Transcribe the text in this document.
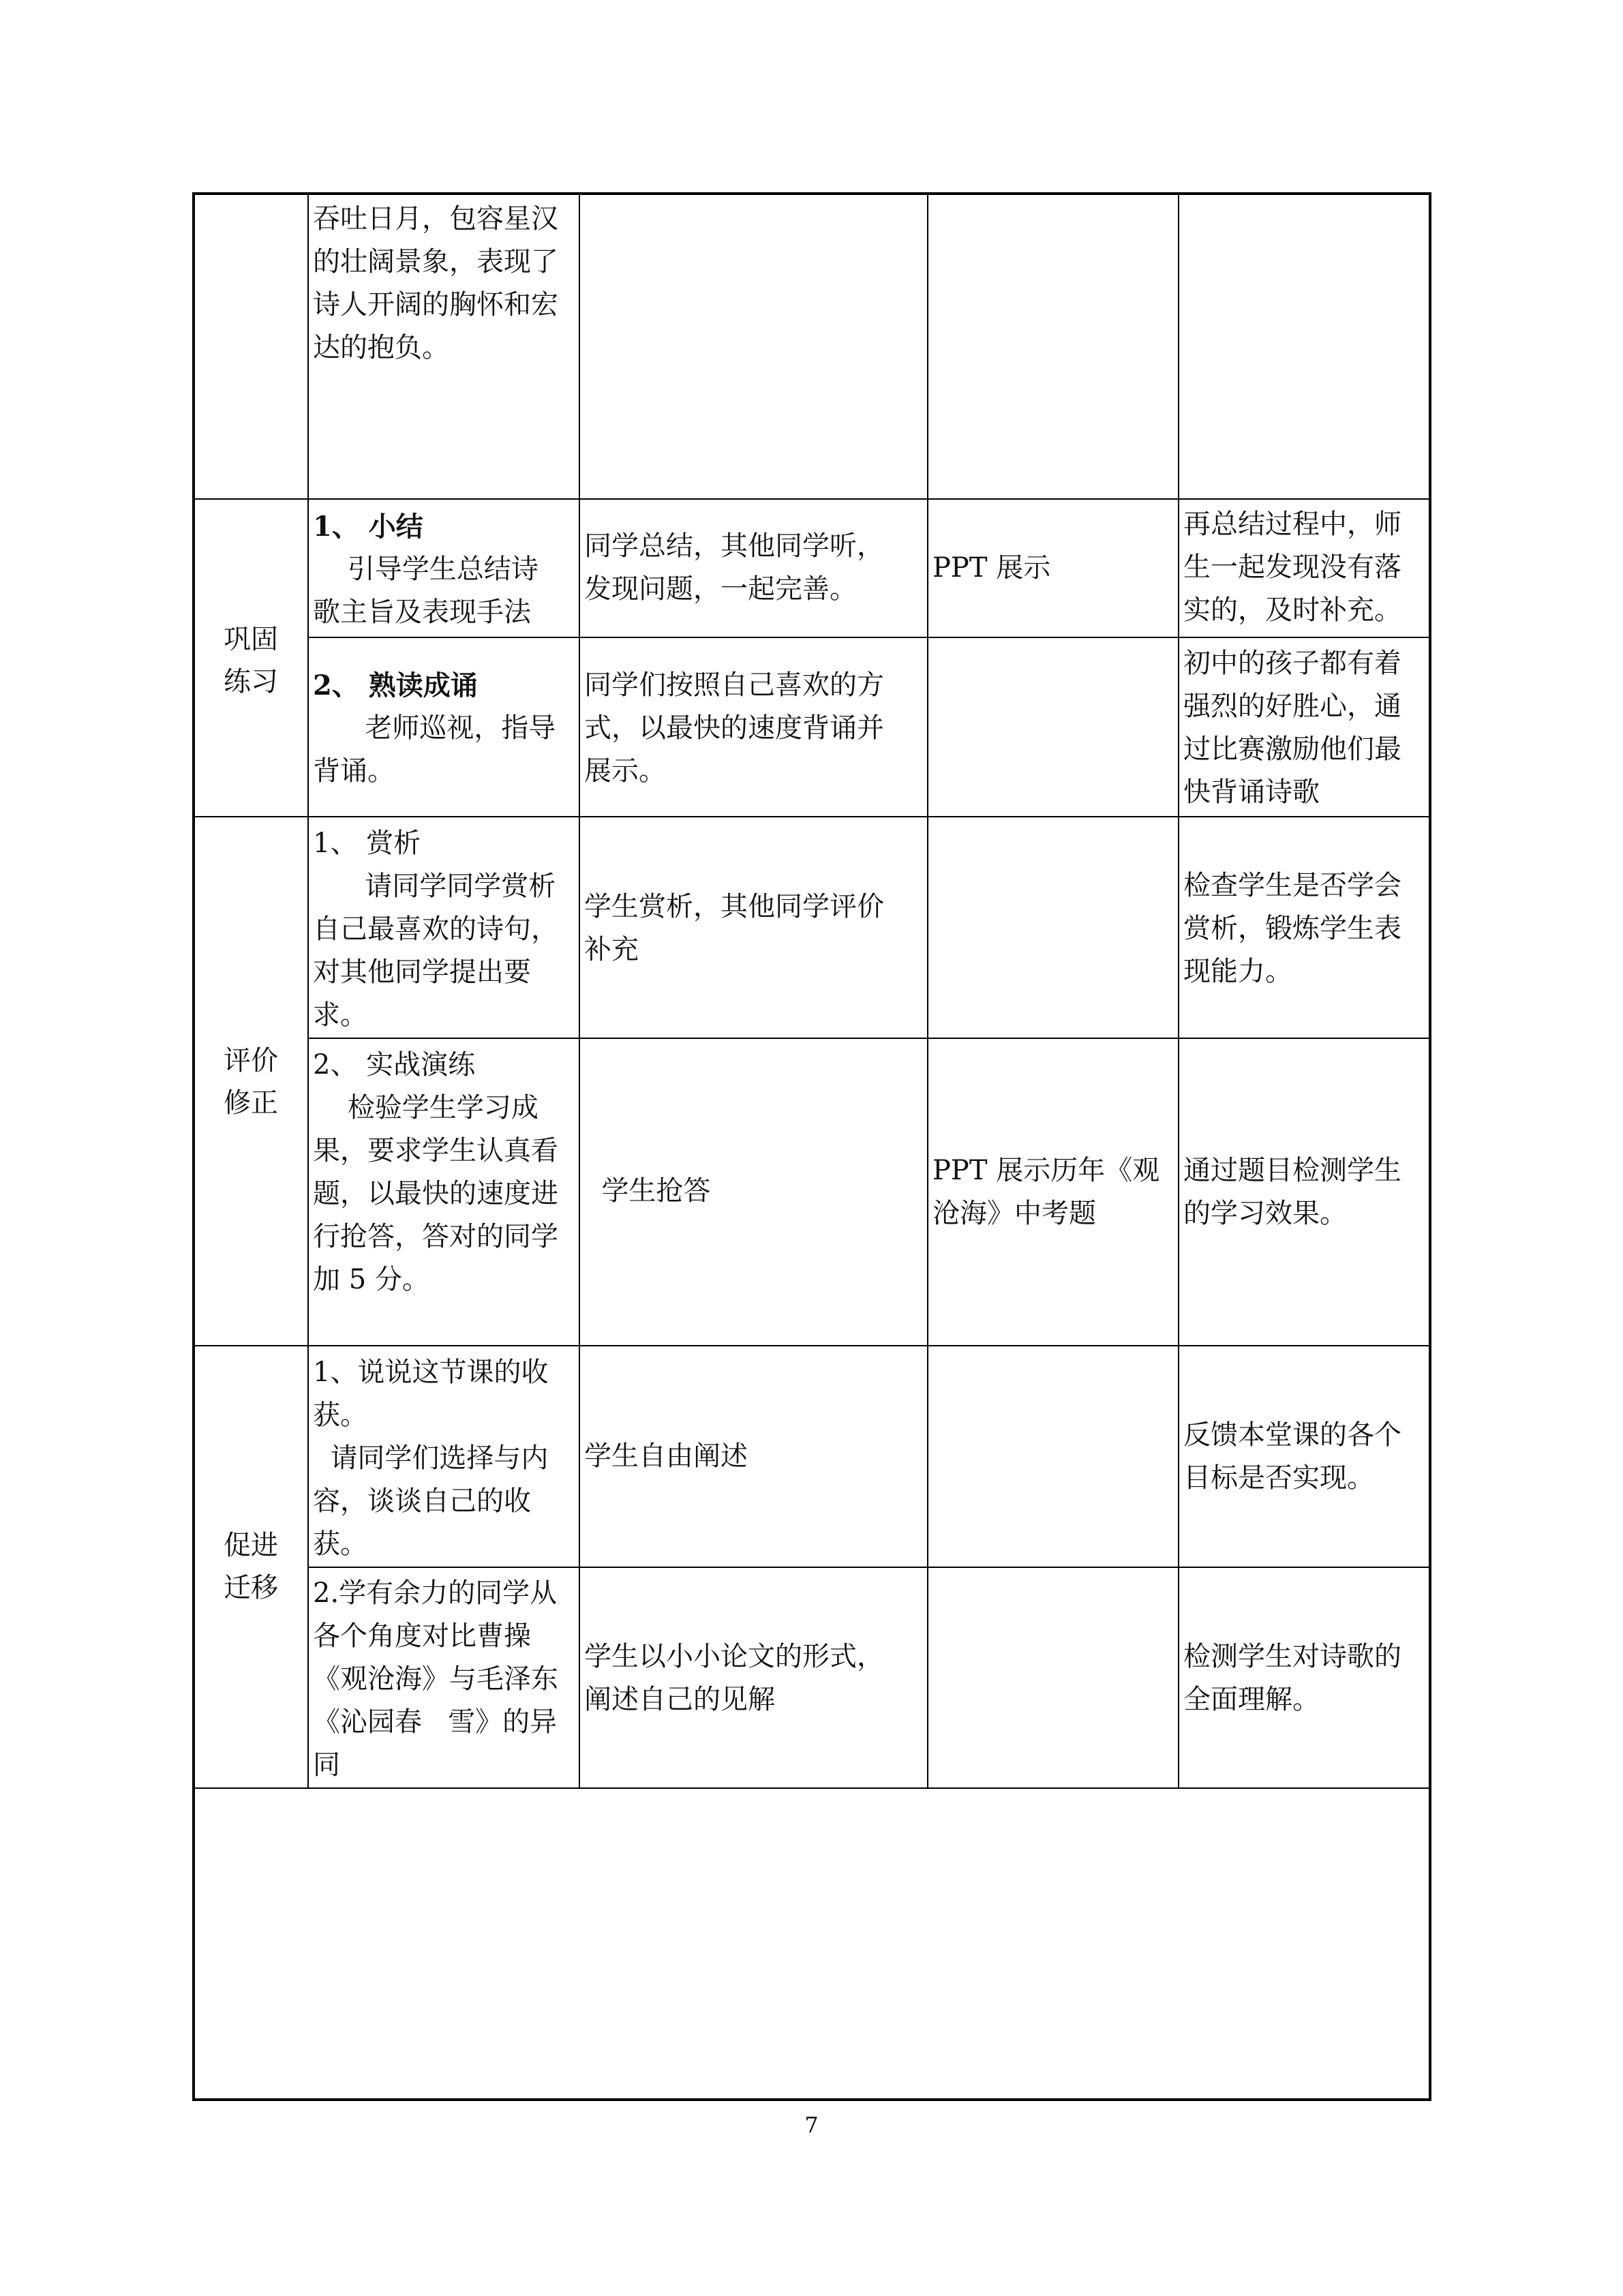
巩固
练习
评价
修正
促进
迁移

吞吐日月，包容星汉

的壮阔景象，表现了

诗人开阔的胸怀和宏

达的抱负。

1、 小结

引导学生总结诗

歌主旨及表现手法

同学总结，其他同学听，

发现问题，一起完善。

PPT 展示

再总结过程中，师

生一起发现没有落

实的，及时补充。

2、 熟读成诵

老师巡视，指导

背诵。

同学们按照自己喜欢的方

式，以最快的速度背诵并

展示。

初中的孩子都有着

强烈的好胜心，通

过比赛激励他们最

快背诵诗歌

1、 赏析

请同学同学赏析

自己最喜欢的诗句，

对其他同学提出要

求。

学生赏析，其他同学评价

补充

检查学生是否学会

赏析，锻炼学生表

现能力。

2、 实战演练

检验学生学习成

果，要求学生认真看

题，以最快的速度进

行抢答，答对的同学

加 5 分。

学生抢答

PPT 展示历年《观

沧海》中考题

通过题目检测学生

的学习效果。

1、说说这节课的收

获。

请同学们选择与内

容，谈谈自己的收

获。

学生自由阐述

反馈本堂课的各个

目标是否实现。

2.学有余力的同学从

各个角度对比曹操

《观沧海》与毛泽东

《沁园春   雪》的异

同

学生以小小论文的形式，

阐述自己的见解

检测学生对诗歌的

全面理解。

7
